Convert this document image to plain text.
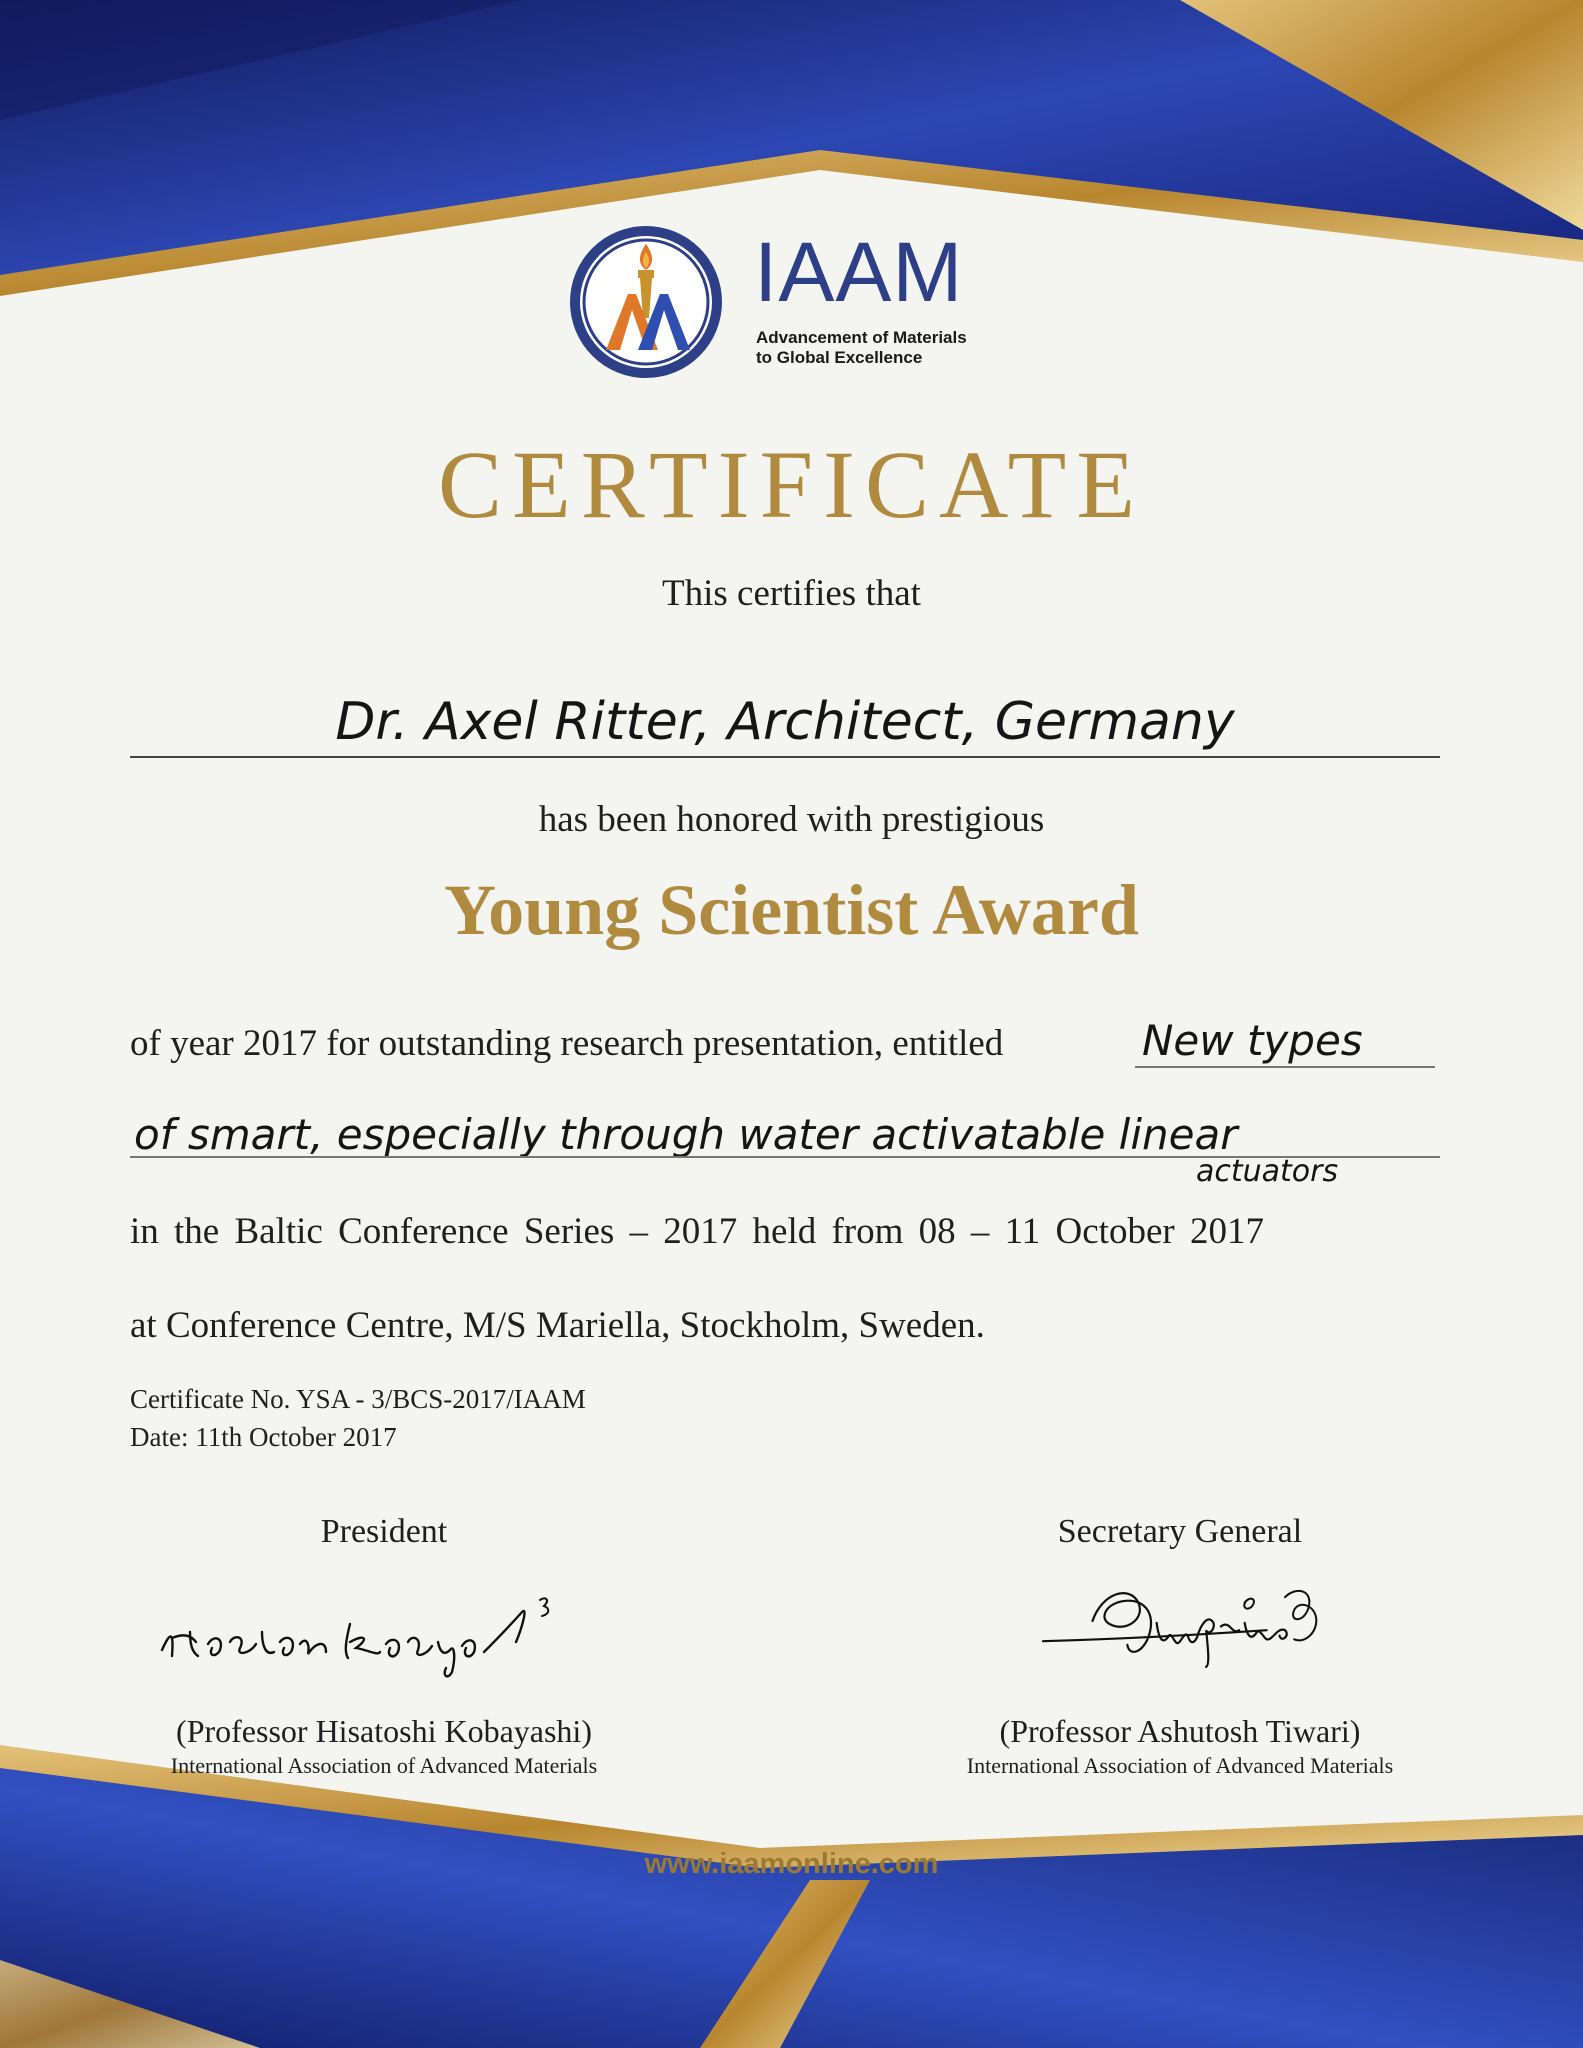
AA
IAAM
Advancement of Materials
to Global Excellence
CERTIFICATE
This certifies that
Dr. Axel Ritter, Architect, Germany
has been honored with prestigious
Young Scientist Award
of year 2017 for outstanding research presentation, entitled	New types
of smart, especially through water activatable linear
actuators
in the Baltic Conference Series – 2017 held from 08 – 11 October 2017
at Conference Centre, M/S Mariella, Stockholm, Sweden.
Certificate No. YSA - 3/BCS-2017/IAAM
Date: 11th October 2017
President
(Professor Hisatoshi Kobayashi)
International Association of Advanced Materials
Secretary General
(Professor Ashutosh Tiwari)
International Association of Advanced Materials
www.iaamonline.com
